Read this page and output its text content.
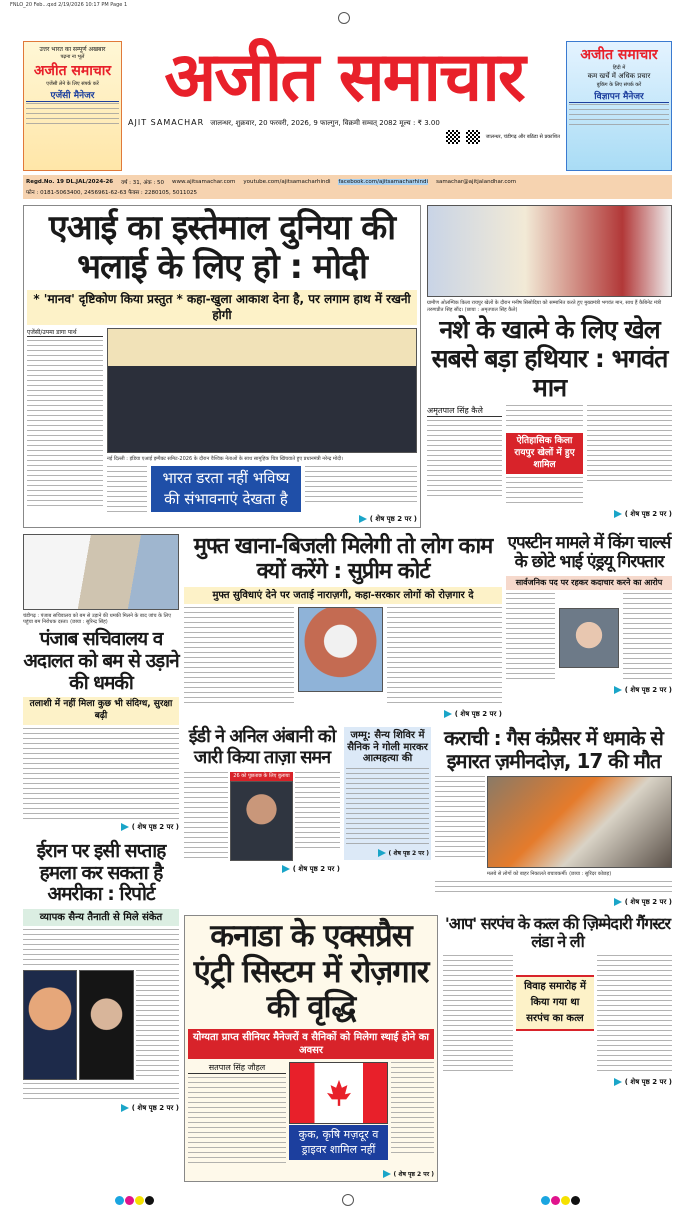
FNLO_20 Feb...qxd 2/19/2026 10:17 PM Page 1
उत्तर भारत का सम्पूर्ण अखबार
पढ़ना ना भूलें
अजीत समाचार
एजेंसी लेने के लिए संपर्क करें
एजेंसी मैनेजर	अजीत समाचार
AJIT SAMACHAR जालन्धर, शुक्रवार, 20 फरवरी, 2026, 9 फाल्गुन, विक्रमी सम्वत् 2082 मूल्य : ₹ 3.00
जालन्धर, चंडीगढ़ और बठिंडा से प्रकाशित
अजीत समाचार
हिंदी में
कम खर्चे में अधिक प्रचार
बुकिंग के लिए संपर्क करें
विज्ञापन मैनेजर
Regd.No. 19 DL.JAL/2024-26 वर्ष : 31, अंक : 50 www.ajitsamachar.com youtube.com/ajitsamacharhindi facebook.com/ajitsamacharhindi samachar@ajitjalandhar.com
फोन : 0181-5063400, 2456961-62-63 फैक्स : 2280105, 5011025
एआई का इस्तेमाल दुनिया की भलाई के लिए हो : मोदी
* 'मानव' दृष्टिकोण किया प्रस्तुत * कहा-खुला आकाश देना है, पर लगाम हाथ में रखनी होगी
एजेंसी/उपमा डागा पार्थ
नई दिल्ली : इंडिया एआई इम्पैक्ट समिट-2026 के दौरान वैश्विक नेताओं के साथ सामूहिक चित्र खिंचवाते हुए प्रधानमंत्री नरेन्द्र मोदी।
भारत डरता नहीं भविष्य की संभावनाएं देखता है
( शेष पृष्ठ 2 पर )
ग्रामीण ओलम्पिक किला रायपुर खेलों के दौरान मनीष सिसोदिया को सम्मानित करते हुए मुख्यमंत्री भगवंत मान, साथ हैं कैबिनेट मंत्री तरुणप्रीत सिंह सौंद। (छाया : अमृतपाल सिंह कैले)
नशे के खात्मे के लिए खेल सबसे बड़ा हथियार : भगवंत मान
अमृतपाल सिंह कैले
ऐतिहासिक किला रायपुर खेलों में हुए शामिल
( शेष पृष्ठ 2 पर )
चंडीगढ़ : पंजाब सचिवालय को बम से उड़ाने की धमकी मिलने के बाद जांच के लिए पहुंचा बम निरोधक दस्ता। (छाया : सुरिन्द्र सिंह)
पंजाब सचिवालय व अदालत को बम से उड़ाने की धमकी
तलाशी में नहीं मिला कुछ भी संदिग्ध, सुरक्षा बढ़ी
( शेष पृष्ठ 2 पर )
ईरान पर इसी सप्ताह हमला कर सकता है अमरीका : रिपोर्ट
व्यापक सैन्य तैनाती से मिले संकेत
( शेष पृष्ठ 2 पर )
मुफ्त खाना-बिजली मिलेगी तो लोग काम क्यों करेंगे : सुप्रीम कोर्ट
मुफ्त सुविधाएं देने पर जताई नाराज़गी, कहा-सरकार लोगों को रोज़गार दे
( शेष पृष्ठ 2 पर )
एपस्टीन मामले में किंग चार्ल्स के छोटे भाई एंड्रयू गिरफ्तार
सार्वजनिक पद पर रहकर कदाचार करने का आरोप
( शेष पृष्ठ 2 पर )
ईडी ने अनिल अंबानी को जारी किया ताज़ा समन
26 को पूछताछ के लिए बुलाया
( शेष पृष्ठ 2 पर )
जम्मू: सैन्य शिविर में सैनिक ने गोली मारकर आत्महत्या की
( शेष पृष्ठ 2 पर )
कराची : गैस कंप्रैसर में धमाके से इमारत ज़मीनदोज़, 17 की मौत
मलबे से लोगों को बाहर निकालते बचावकर्मी। (छाया : सुरिंदर कोछड़)
( शेष पृष्ठ 2 पर )
कनाडा के एक्सप्रैस एंट्री सिस्टम में रोज़गार की वृद्धि
योग्यता प्राप्त सीनियर मैनेजरों व सैनिकों को मिलेगा स्थाई होने का अवसर
सतपाल सिंह जौहल
कुक, कृषि मज़दूर व ड्राइवर शामिल नहीं
( शेष पृष्ठ 2 पर )
'आप' सरपंच के कत्ल की ज़िम्मेदारी गैंगस्टर लंडा ने ली
विवाह समारोह में किया गया था सरपंच का कत्ल
( शेष पृष्ठ 2 पर )
